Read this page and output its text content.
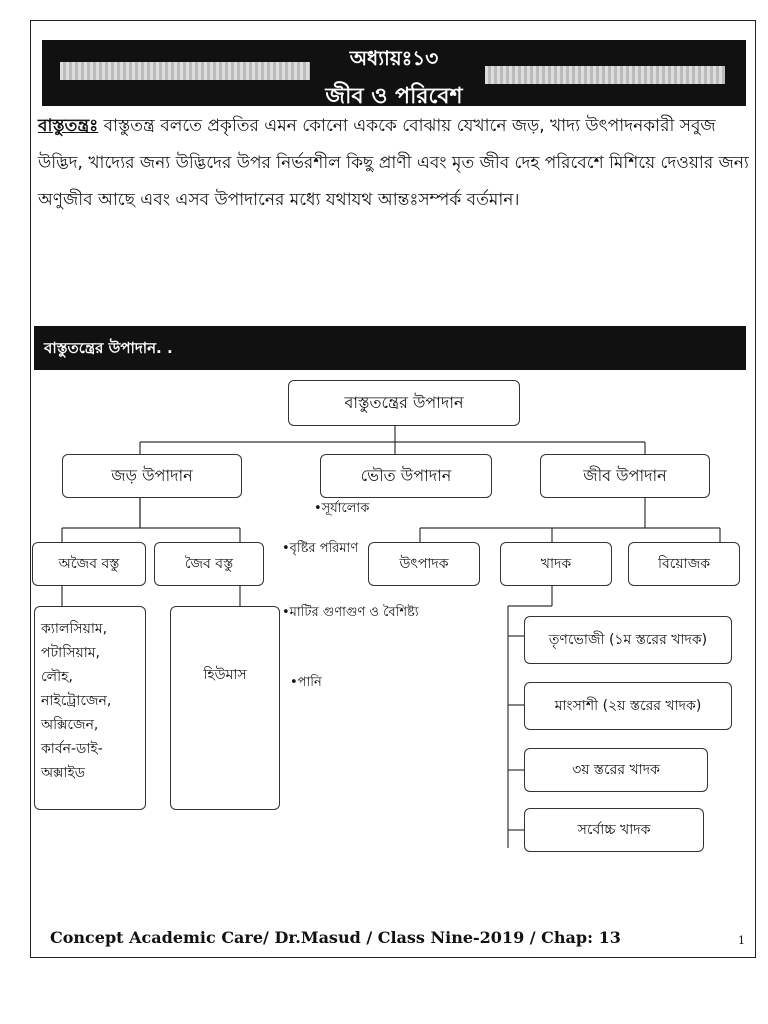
অধ্যায়ঃ১৩
জীব ও পরিবেশ
বাস্তুতন্ত্রঃ বাস্তুতন্ত্র বলতে প্রকৃতির এমন কোনো এককে বোঝায় যেখানে জড়, খাদ্য উৎপাদনকারী সবুজ উদ্ভিদ, খাদ্যের জন্য উদ্ভিদের উপর নির্ভরশীল কিছু প্রাণী এবং মৃত জীব দেহ পরিবেশে মিশিয়ে দেওয়ার জন্য অণুজীব আছে এবং এসব উপাদানের মধ্যে যথাযথ আন্তঃসম্পর্ক বর্তমান।
বাস্তুতন্ত্রের উপাদান. .
বাস্তুতন্ত্রের উপাদান
জড় উপাদান	ভৌত উপাদান	জীব উপাদান
অজৈব বস্তু	জৈব বস্তু
ক্যালসিয়াম,
পটাসিয়াম,
লৌহ,
নাইট্রোজেন,
অক্সিজেন,
কার্বন-ডাই-
অক্সাইড
হিউমাস
•সূর্যালোক
•বৃষ্টির পরিমাণ
•মাটির গুণাগুণ ও বৈশিষ্ট্য
•পানি
উৎপাদক	খাদক	বিয়োজক
তৃণভোজী (১ম স্তরের খাদক)
মাংসাশী (২য় স্তরের খাদক)
৩য় স্তরের খাদক
সর্বোচ্চ খাদক
Concept Academic Care/ Dr.Masud / Class Nine-2019 / Chap: 13	1
